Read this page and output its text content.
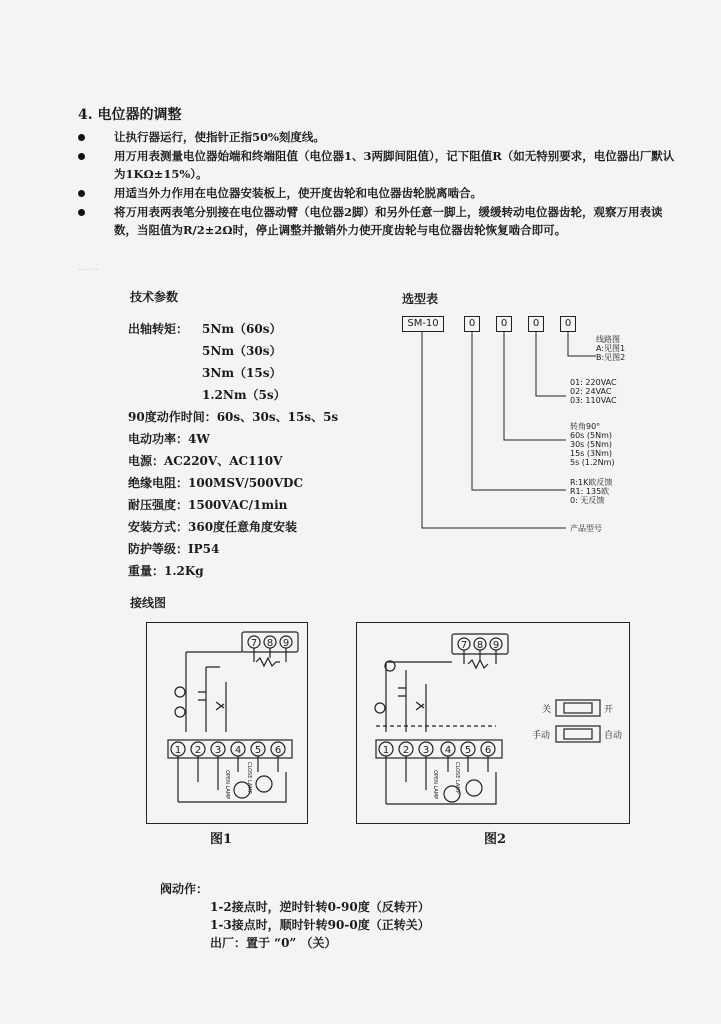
……
4. 电位器的调整
让执行器运行，使指针正指50%刻度线。
用万用表测量电位器始端和终端阻值（电位器1、3两脚间阻值），记下阻值R（如无特别要求，电位器出厂默认为1KΩ±15%）。
用适当外力作用在电位器安装板上，使开度齿轮和电位器齿轮脱离啮合。
将万用表两表笔分别接在电位器动臂（电位器2脚）和另外任意一脚上，缓缓转动电位器齿轮，观察万用表读数，当阻值为R/2±2Ω时，停止调整并撤销外力使开度齿轮与电位器齿轮恢复啮合即可。
技术参数
出轴转矩： 5Nm（60s）
5Nm（30s）
3Nm（15s）
1.2Nm（5s）
90度动作时间：60s、30s、15s、5s
电动功率：4W
电源：AC220V、AC110V
绝缘电阻：100MSV/500VDC
耐压强度：1500VAC/1min
安装方式：360度任意角度安装
防护等级：IP54
重量：1.2Kg
选型表
SM-10	0	0	0	0
线路图
A:见图1
B:见图2
01: 220VAC
02: 24VAC
03: 110VAC
转角90°
60s (5Nm)
30s (5Nm)
15s (3Nm)
5s (1.2Nm)
R:1K欧反馈
R1: 135欧
0: 无反馈
产品型号
接线图
7 8 9
1 2 3 4 5 6
OPEN LAMP	CLOSE LAMP
图1
7 8 9
1 2 3 4 5 6
OPEN LAMP	CLOSE LAMP
关	开
手动	自动
图2
阀动作：
1-2接点时，逆时针转0-90度（反转开）
1-3接点时，顺时针转90-0度（正转关）
出厂：置于 “0” （关）
